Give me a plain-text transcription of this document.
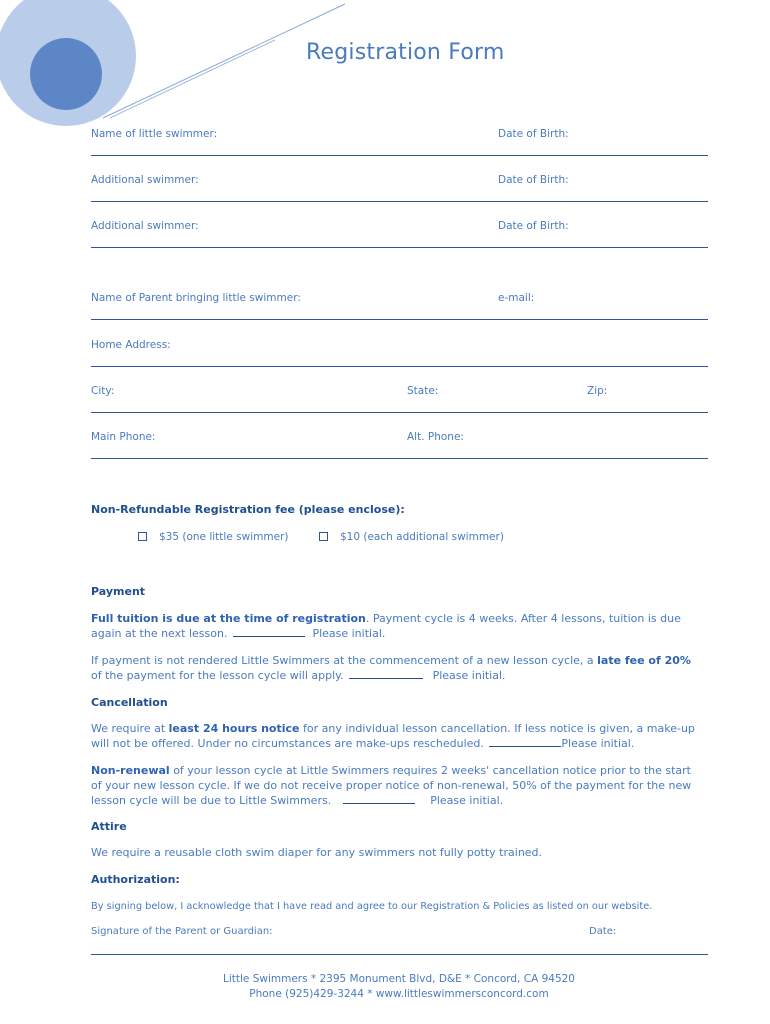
Registration Form
Name of little swimmer:	Date of Birth:
Additional swimmer:	Date of Birth:
Additional swimmer:	Date of Birth:
Name of Parent bringing little swimmer:	e-mail:
Home Address:
City:	State:	Zip:
Main Phone:	Alt. Phone:
Non-Refundable Registration fee (please enclose):
$35 (one little swimmer)	$10 (each additional swimmer)
Payment
Full tuition is due at the time of registration. Payment cycle is 4 weeks. After 4 lessons, tuition is due again at the next lesson.	Please initial.
If payment is not rendered Little Swimmers at the commencement of a new lesson cycle, a late fee of 20% of the payment for the lesson cycle will apply.	Please initial.
Cancellation
We require at least 24 hours notice for any individual lesson cancellation. If less notice is given, a make-up will not be offered. Under no circumstances are make-ups rescheduled.	Please initial.
Non-renewal of your lesson cycle at Little Swimmers requires 2 weeks' cancellation notice prior to the start of your new lesson cycle. If we do not receive proper notice of non-renewal, 50% of the payment for the new lesson cycle will be due to Little Swimmers.	Please initial.
Attire
We require a reusable cloth swim diaper for any swimmers not fully potty trained.
Authorization:
By signing below, I acknowledge that I have read and agree to our Registration & Policies as listed on our website.
Signature of the Parent or Guardian:	Date:
Little Swimmers * 2395 Monument Blvd, D&E * Concord, CA 94520
Phone (925)429-3244 * www.littleswimmersconcord.com
